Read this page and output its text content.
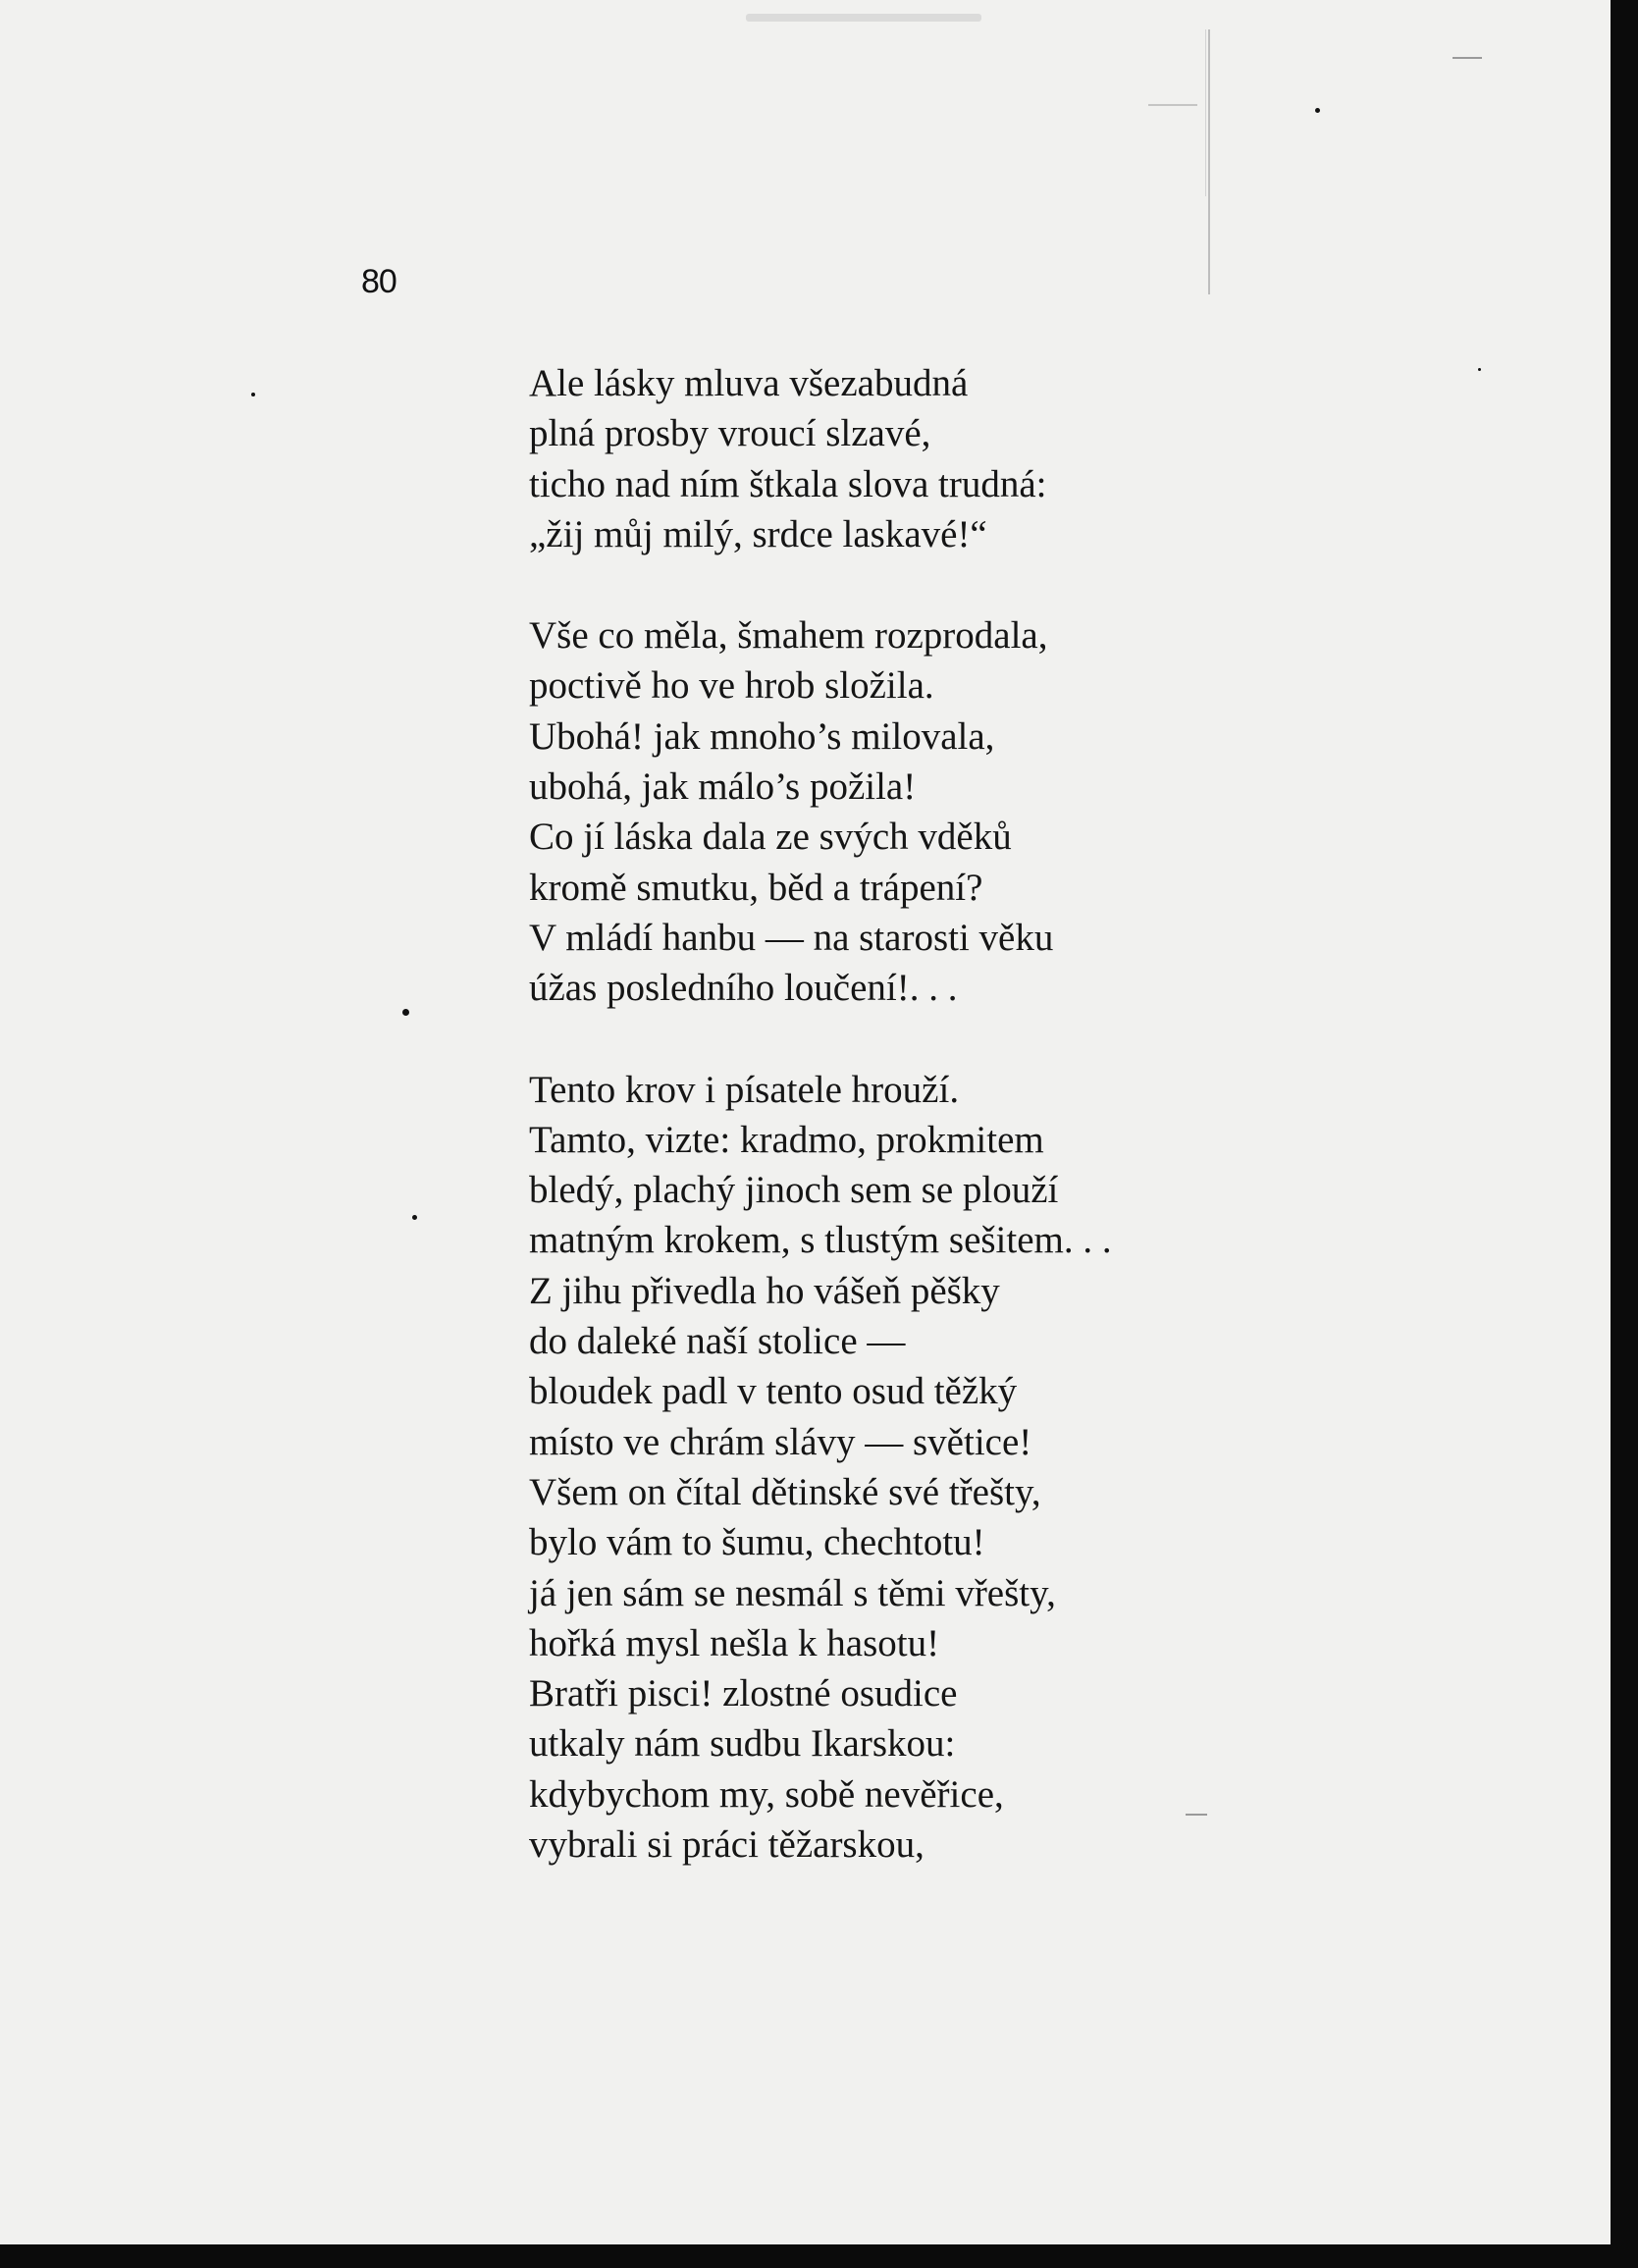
80
Ale lásky mluva všezabudná
plná prosby vroucí slzavé,
ticho nad ním štkala slova trudná:
„žij můj milý, srdce laskavé!“
Vše co měla, šmahem rozprodala,
poctivě ho ve hrob složila.
Ubohá! jak mnoho’s milovala,
ubohá, jak málo’s požila!
Co jí láska dala ze svých vděků
kromě smutku, běd a trápení?
V mládí hanbu — na starosti věku
úžas posledního loučení!. . .
Tento krov i písatele hrouží.
Tamto, vizte: kradmo, prokmitem
bledý, plachý jinoch sem se plouží
matným krokem, s tlustým sešitem. . .
Z jihu přivedla ho vášeň pěšky
do daleké naší stolice —
bloudek padl v tento osud těžký
místo ve chrám slávy — světice!
Všem on čítal dětinské své třešty,
bylo vám to šumu, chechtotu!
já jen sám se nesmál s těmi vřešty,
hořká mysl nešla k hasotu!
Bratři pisci! zlostné osudice
utkaly nám sudbu Ikarskou:
kdybychom my, sobě nevěřice,
vybrali si práci těžarskou,
